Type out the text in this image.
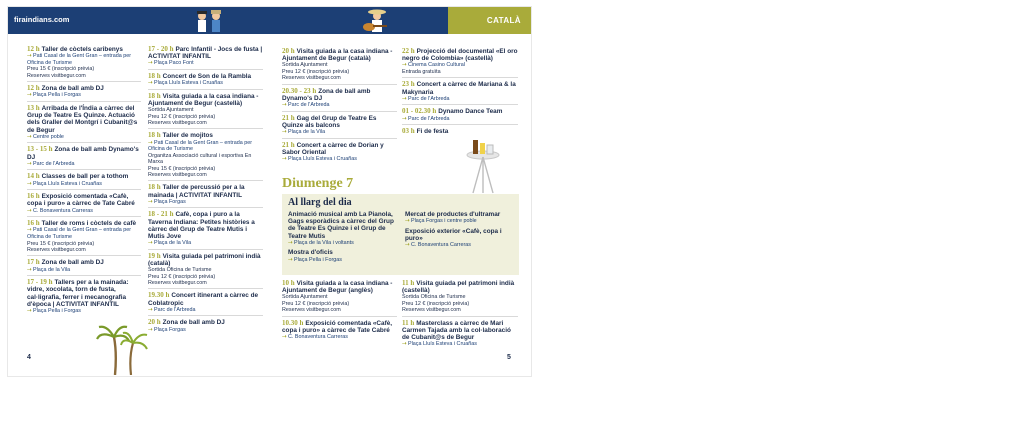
firaindians.com	CATALÀ
12 h Taller de còctels caribenys
➝ Pati Casal de la Gent Gran – entrada per Oficina de Turisme
Preu 15 € (inscripció prèvia)
Reserves visitbegur.com
12 h Zona de ball amb DJ
➝ Plaça Pella i Forgas
13 h Arribada de l'Índia a càrrec del Grup de Teatre Es Quinze. Actuació dels Graller del Montgrí i Cubanit@s de Begur
➝ Centre poble
13 - 15 h Zona de ball amb Dynamo's DJ
➝ Parc de l'Arbreda
14 h Classes de ball per a tothom
➝ Plaça Lluís Esteva i Cruañas
16 h Exposició comentada «Cafè, copa i puro» a càrrec de Tate Cabré
➝ C. Bonaventura Carreras
16 h Taller de roms i còctels de cafè
➝ Pati Casal de la Gent Gran – entrada per Oficina de Turisme
Preu 15 € (inscripció prèvia)
Reserves visitbegur.com
17 h Zona de ball amb DJ
➝ Plaça de la Vila
17 - 19 h Tallers per a la mainada: vidre, xocolata, torn de fusta, cal·ligrafia, ferrer i mecanografia d'època | ACTIVITAT INFANTIL
➝ Plaça Pella i Forgas
17 - 20 h Parc Infantil - Jocs de fusta | ACTIVITAT INFANTIL
➝ Plaça Paco Font
18 h Concert de Son de la Rambla
➝ Plaça Lluís Esteva i Cruañas
18 h Visita guiada a la casa indiana - Ajuntament de Begur (castellà)
Sortida Ajuntament
Preu 12 € (inscripció prèvia)
Reserves visitbegur.com
18 h Taller de mojitos
➝ Pati Casal de la Gent Gran – entrada per Oficina de Turisme
Organitza Associació cultural i esportiva En Marxa
Preu 15 € (inscripció prèvia)
Reserves visitbegur.com
18 h Taller de percussió per a la mainada | ACTIVITAT INFANTIL
➝ Plaça Forgas
18 - 21 h Cafè, copa i puro a la Taverna Indiana: Petites històries a càrrec del Grup de Teatre Mutis i Mutis Jove
➝ Plaça de la Vila
19 h Visita guiada pel patrimoni indià (català)
Sortida Oficina de Turisme
Preu 12 € (inscripció prèvia)
Reserves visitbegur.com
19.30 h Concert itinerant a càrrec de Coblatropic
➝ Parc de l'Arbreda
20 h Zona de ball amb DJ
➝ Plaça Forgas
20 h Visita guiada a la casa indiana - Ajuntament de Begur (català)
Sortida Ajuntament
Preu 12 € (inscripció prèvia)
Reserves visitbegur.com
20.30 - 23 h Zona de ball amb Dynamo's DJ
➝ Parc de l'Arbreda
21 h Gag del Grup de Teatre Es Quinze als balcons
➝ Plaça de la Vila
21 h Concert a càrrec de Dorian y Sabor Oriental
➝ Plaça Lluís Esteva i Cruañas
22 h Projecció del documental «El oro negro de Colombia» (castellà)
➝ Cinema Casino Cultural
Entrada gratuïta
23 h Concert a càrrec de Mariana & la Makynaria
➝ Parc de l'Arbreda
01 - 02.30 h Dynamo Dance Team
➝ Parc de l'Arbreda
03 h Fi de festa
Diumenge 7
Al llarg del dia
Animació musical amb La Pianola, Gags esporàdics a càrrec del Grup de Teatre Es Quinze i el Grup de Teatre Mutis
➝ Plaça de la Vila i voltants
Mostra d'oficis
➝ Plaça Pella i Forgas
Mercat de productes d'ultramar
➝ Plaça Forgas i centre poble
Exposició exterior «Cafè, copa i puro»
➝ C. Bonaventura Carreras
10 h Visita guiada a la casa indiana - Ajuntament de Begur (anglès)
Sortida Ajuntament
Preu 12 € (inscripció prèvia)
Reserves visitbegur.com
10.30 h Exposició comentada «Cafè, copa i puro» a càrrec de Tate Cabré
➝ C. Bonaventura Carreras
11 h Visita guiada pel patrimoni indià (castellà)
Sortida Oficina de Turisme
Preu 12 € (inscripció prèvia)
Reserves visitbegur.com
11 h Masterclass a càrrec de Mari Carmen Tajada amb la col·laboració de Cubanit@s de Begur
➝ Plaça Lluís Esteva i Cruañas
4	5
